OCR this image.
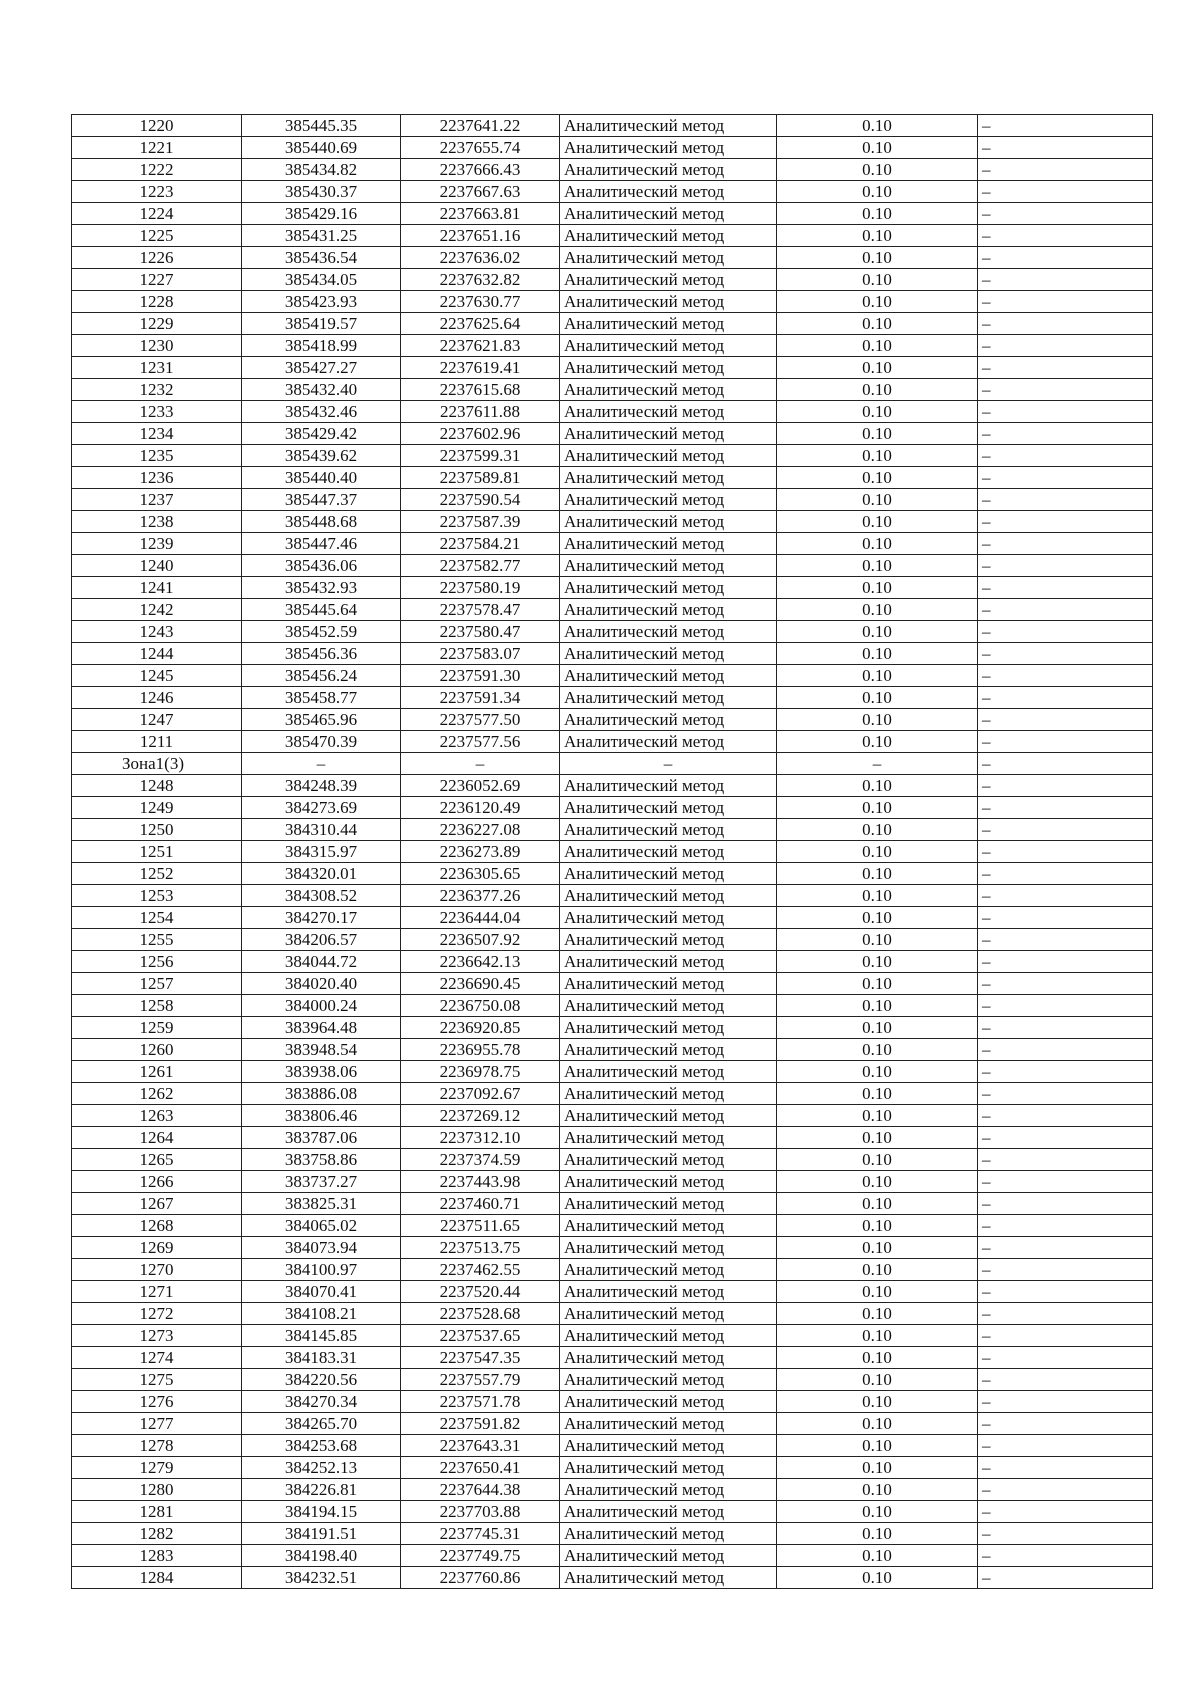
1220	385445.35	2237641.22	Аналитический метод	0.10	–
1221	385440.69	2237655.74	Аналитический метод	0.10	–
1222	385434.82	2237666.43	Аналитический метод	0.10	–
1223	385430.37	2237667.63	Аналитический метод	0.10	–
1224	385429.16	2237663.81	Аналитический метод	0.10	–
1225	385431.25	2237651.16	Аналитический метод	0.10	–
1226	385436.54	2237636.02	Аналитический метод	0.10	–
1227	385434.05	2237632.82	Аналитический метод	0.10	–
1228	385423.93	2237630.77	Аналитический метод	0.10	–
1229	385419.57	2237625.64	Аналитический метод	0.10	–
1230	385418.99	2237621.83	Аналитический метод	0.10	–
1231	385427.27	2237619.41	Аналитический метод	0.10	–
1232	385432.40	2237615.68	Аналитический метод	0.10	–
1233	385432.46	2237611.88	Аналитический метод	0.10	–
1234	385429.42	2237602.96	Аналитический метод	0.10	–
1235	385439.62	2237599.31	Аналитический метод	0.10	–
1236	385440.40	2237589.81	Аналитический метод	0.10	–
1237	385447.37	2237590.54	Аналитический метод	0.10	–
1238	385448.68	2237587.39	Аналитический метод	0.10	–
1239	385447.46	2237584.21	Аналитический метод	0.10	–
1240	385436.06	2237582.77	Аналитический метод	0.10	–
1241	385432.93	2237580.19	Аналитический метод	0.10	–
1242	385445.64	2237578.47	Аналитический метод	0.10	–
1243	385452.59	2237580.47	Аналитический метод	0.10	–
1244	385456.36	2237583.07	Аналитический метод	0.10	–
1245	385456.24	2237591.30	Аналитический метод	0.10	–
1246	385458.77	2237591.34	Аналитический метод	0.10	–
1247	385465.96	2237577.50	Аналитический метод	0.10	–
1211	385470.39	2237577.56	Аналитический метод	0.10	–
Зона1(3)	–	–	–	–	–
1248	384248.39	2236052.69	Аналитический метод	0.10	–
1249	384273.69	2236120.49	Аналитический метод	0.10	–
1250	384310.44	2236227.08	Аналитический метод	0.10	–
1251	384315.97	2236273.89	Аналитический метод	0.10	–
1252	384320.01	2236305.65	Аналитический метод	0.10	–
1253	384308.52	2236377.26	Аналитический метод	0.10	–
1254	384270.17	2236444.04	Аналитический метод	0.10	–
1255	384206.57	2236507.92	Аналитический метод	0.10	–
1256	384044.72	2236642.13	Аналитический метод	0.10	–
1257	384020.40	2236690.45	Аналитический метод	0.10	–
1258	384000.24	2236750.08	Аналитический метод	0.10	–
1259	383964.48	2236920.85	Аналитический метод	0.10	–
1260	383948.54	2236955.78	Аналитический метод	0.10	–
1261	383938.06	2236978.75	Аналитический метод	0.10	–
1262	383886.08	2237092.67	Аналитический метод	0.10	–
1263	383806.46	2237269.12	Аналитический метод	0.10	–
1264	383787.06	2237312.10	Аналитический метод	0.10	–
1265	383758.86	2237374.59	Аналитический метод	0.10	–
1266	383737.27	2237443.98	Аналитический метод	0.10	–
1267	383825.31	2237460.71	Аналитический метод	0.10	–
1268	384065.02	2237511.65	Аналитический метод	0.10	–
1269	384073.94	2237513.75	Аналитический метод	0.10	–
1270	384100.97	2237462.55	Аналитический метод	0.10	–
1271	384070.41	2237520.44	Аналитический метод	0.10	–
1272	384108.21	2237528.68	Аналитический метод	0.10	–
1273	384145.85	2237537.65	Аналитический метод	0.10	–
1274	384183.31	2237547.35	Аналитический метод	0.10	–
1275	384220.56	2237557.79	Аналитический метод	0.10	–
1276	384270.34	2237571.78	Аналитический метод	0.10	–
1277	384265.70	2237591.82	Аналитический метод	0.10	–
1278	384253.68	2237643.31	Аналитический метод	0.10	–
1279	384252.13	2237650.41	Аналитический метод	0.10	–
1280	384226.81	2237644.38	Аналитический метод	0.10	–
1281	384194.15	2237703.88	Аналитический метод	0.10	–
1282	384191.51	2237745.31	Аналитический метод	0.10	–
1283	384198.40	2237749.75	Аналитический метод	0.10	–
1284	384232.51	2237760.86	Аналитический метод	0.10	–
